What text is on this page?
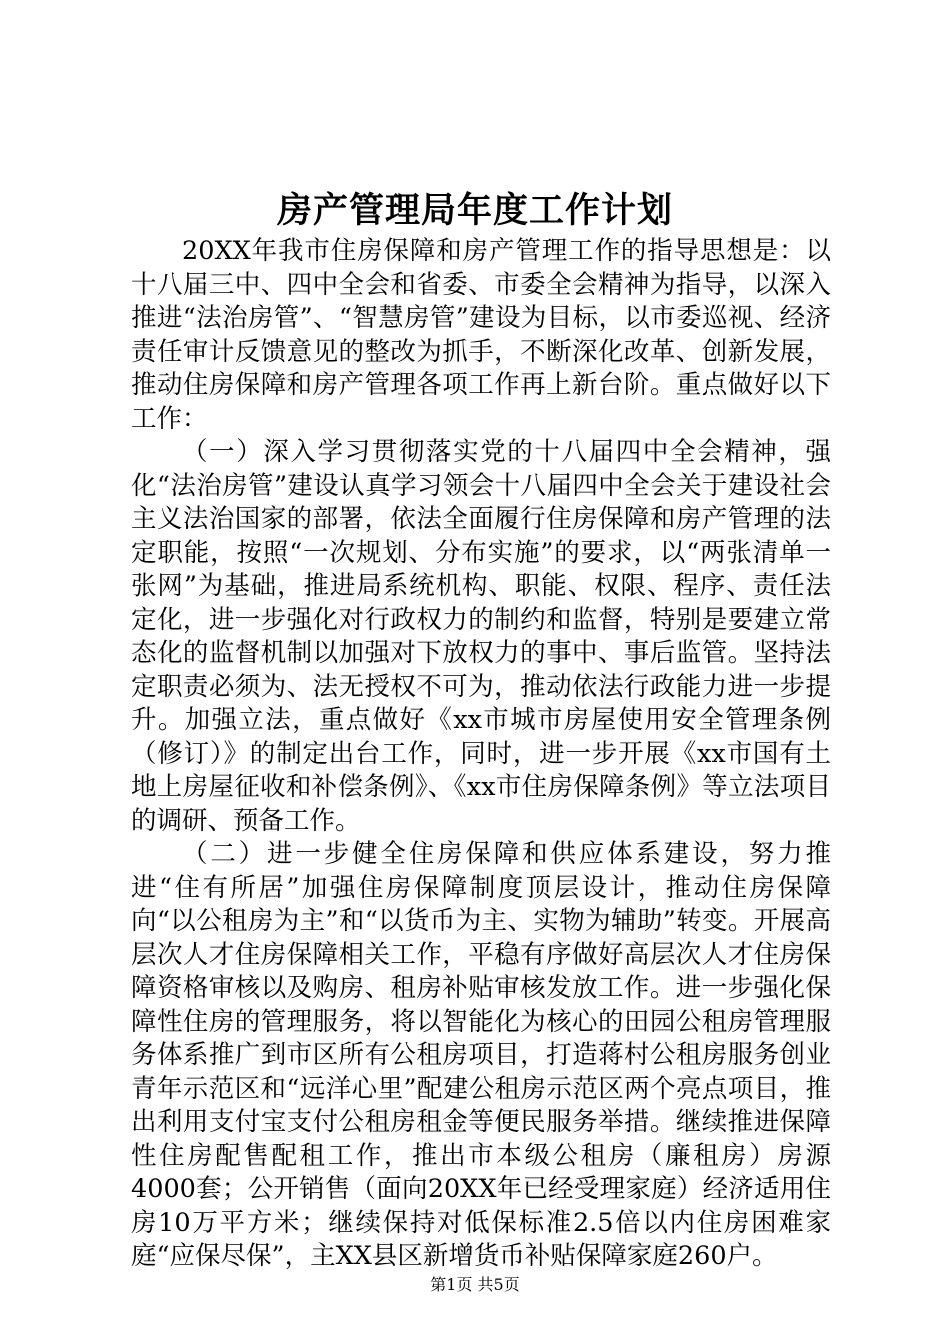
房产管理局年度工作计划

20XX年我市住房保障和房产管理工作的指导思想是：以十八届三中、四中全会和省委、市委全会精神为指导，以深入推进“法治房管”、“智慧房管”建设为目标，以市委巡视、经济责任审计反馈意见的整改为抓手，不断深化改革、创新发展，推动住房保障和房产管理各项工作再上新台阶。重点做好以下工作：

（一）深入学习贯彻落实党的十八届四中全会精神，强化“法治房管”建设认真学习领会十八届四中全会关于建设社会主义法治国家的部署，依法全面履行住房保障和房产管理的法定职能，按照“一次规划、分布实施”的要求，以“两张清单一张网”为基础，推进局系统机构、职能、权限、程序、责任法定化，进一步强化对行政权力的制约和监督，特别是要建立常态化的监督机制以加强对下放权力的事中、事后监管。坚持法定职责必须为、法无授权不可为，推动依法行政能力进一步提升。加强立法，重点做好《xx市城市房屋使用安全管理条例（修订）》的制定出台工作，同时，进一步开展《xx市国有土地上房屋征收和补偿条例》、《xx市住房保障条例》等立法项目的调研、预备工作。

（二）进一步健全住房保障和供应体系建设，努力推进“住有所居”加强住房保障制度顶层设计，推动住房保障向“以公租房为主”和“以货币为主、实物为辅助”转变。开展高层次人才住房保障相关工作，平稳有序做好高层次人才住房保障资格审核以及购房、租房补贴审核发放工作。进一步强化保障性住房的管理服务，将以智能化为核心的田园公租房管理服务体系推广到市区所有公租房项目，打造蒋村公租房服务创业青年示范区和“远洋心里”配建公租房示范区两个亮点项目，推出利用支付宝支付公租房租金等便民服务举措。继续推进保障性住房配售配租工作，推出市本级公租房（廉租房）房源4000套；公开销售（面向20XX年已经受理家庭）经济适用住房10万平方米；继续保持对低保标准2.5倍以内住房困难家庭“应保尽保”，主XX县区新增货币补贴保障家庭260户。

第1页 共5页
